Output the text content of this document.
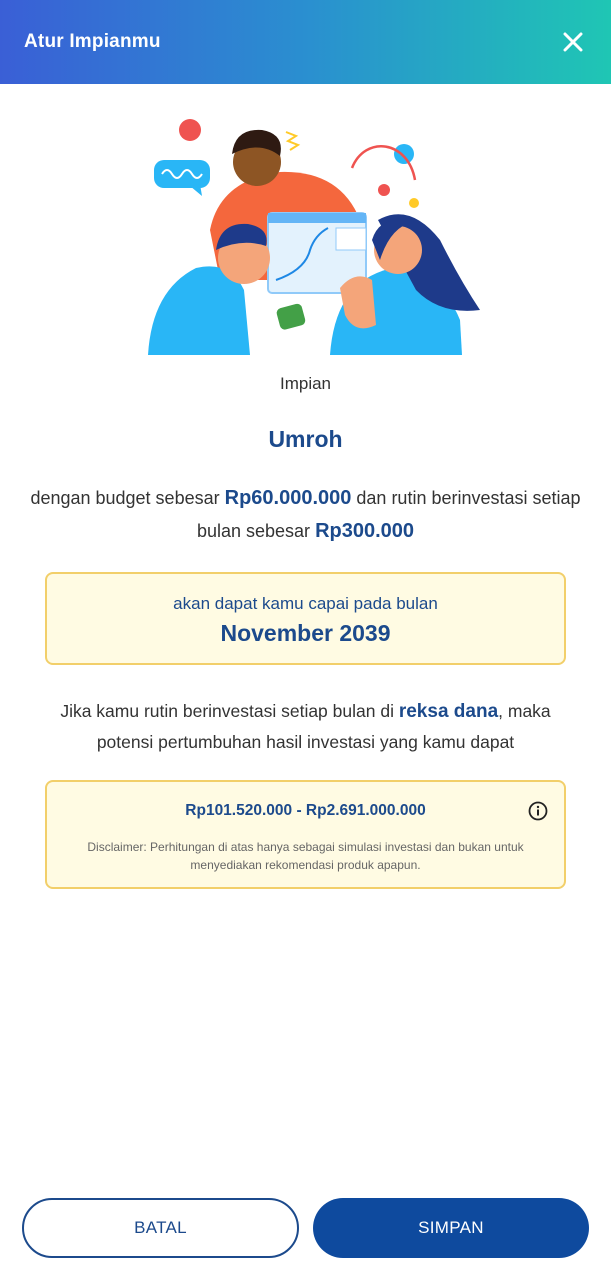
Atur Impianmu
Impian
Umroh
dengan budget sebesar Rp60.000.000 dan rutin berinvestasi setiap bulan sebesar Rp300.000
akan dapat kamu capai pada bulan
November 2039
Jika kamu rutin berinvestasi setiap bulan di reksa dana, maka potensi pertumbuhan hasil investasi yang kamu dapat
Rp101.520.000 - Rp2.691.000.000
Disclaimer: Perhitungan di atas hanya sebagai simulasi investasi dan bukan untuk menyediakan rekomendasi produk apapun.
BATAL	SIMPAN
